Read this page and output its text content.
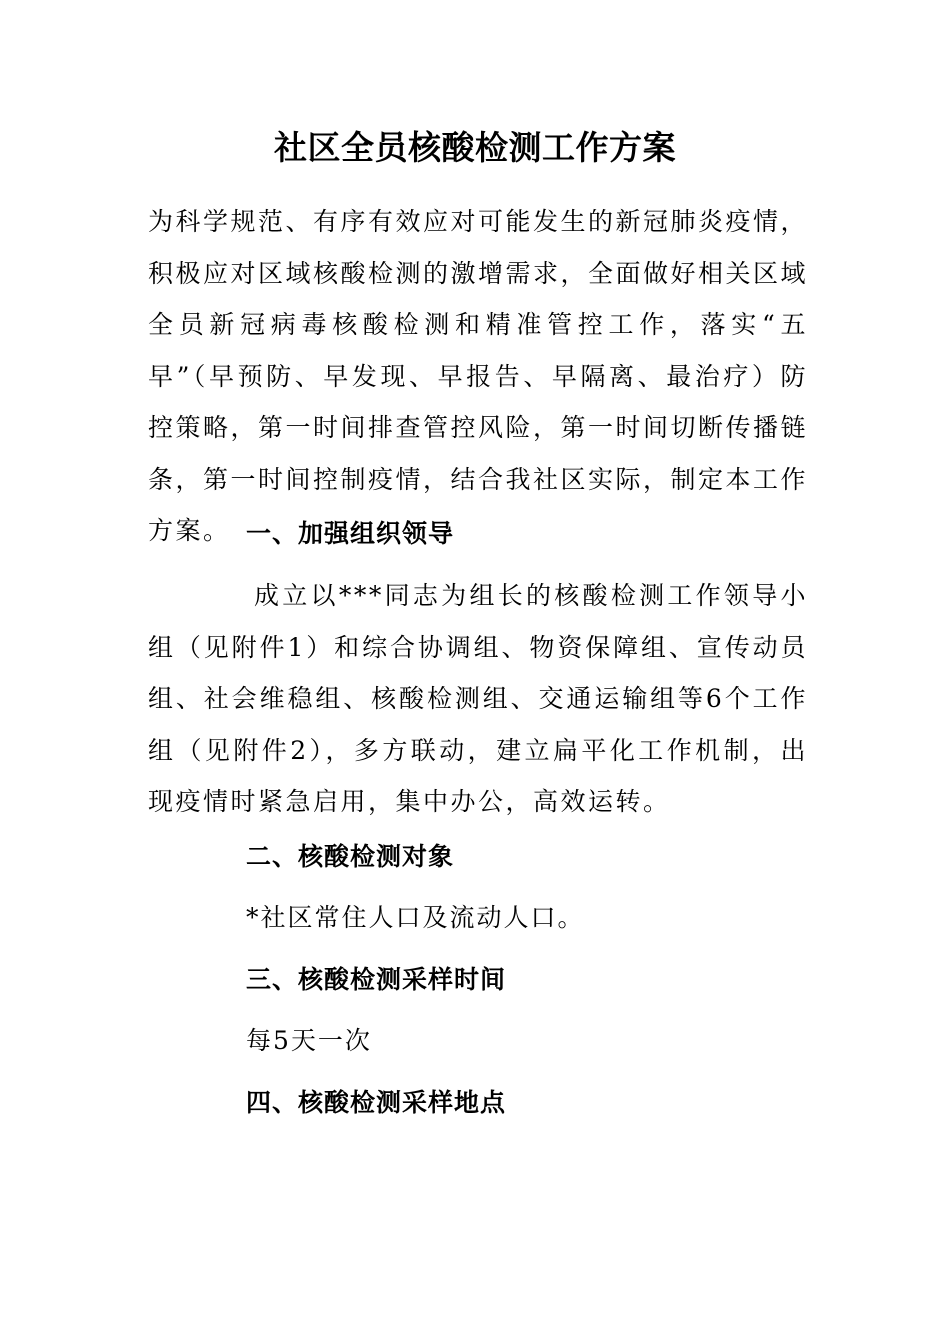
社区全员核酸检测工作方案

为科学规范、有序有效应对可能发生的新冠肺炎疫情，积极应对区域核酸检测的激增需求，全面做好相关区域全员新冠病毒核酸检测和精准管控工作，落实“五早”（早预防、早发现、早报告、早隔离、最治疗）防控策略，第一时间排查管控风险，第一时间切断传播链条，第一时间控制疫情，结合我社区实际，制定本工作方案。 一、加强组织领导

成立以***同志为组长的核酸检测工作领导小组（见附件1）和综合协调组、物资保障组、宣传动员组、社会维稳组、核酸检测组、交通运输组等6个工作组（见附件2），多方联动，建立扁平化工作机制，出现疫情时紧急启用，集中办公，高效运转。

二、核酸检测对象

*社区常住人口及流动人口。

三、核酸检测采样时间

每5天一次

四、核酸检测采样地点
